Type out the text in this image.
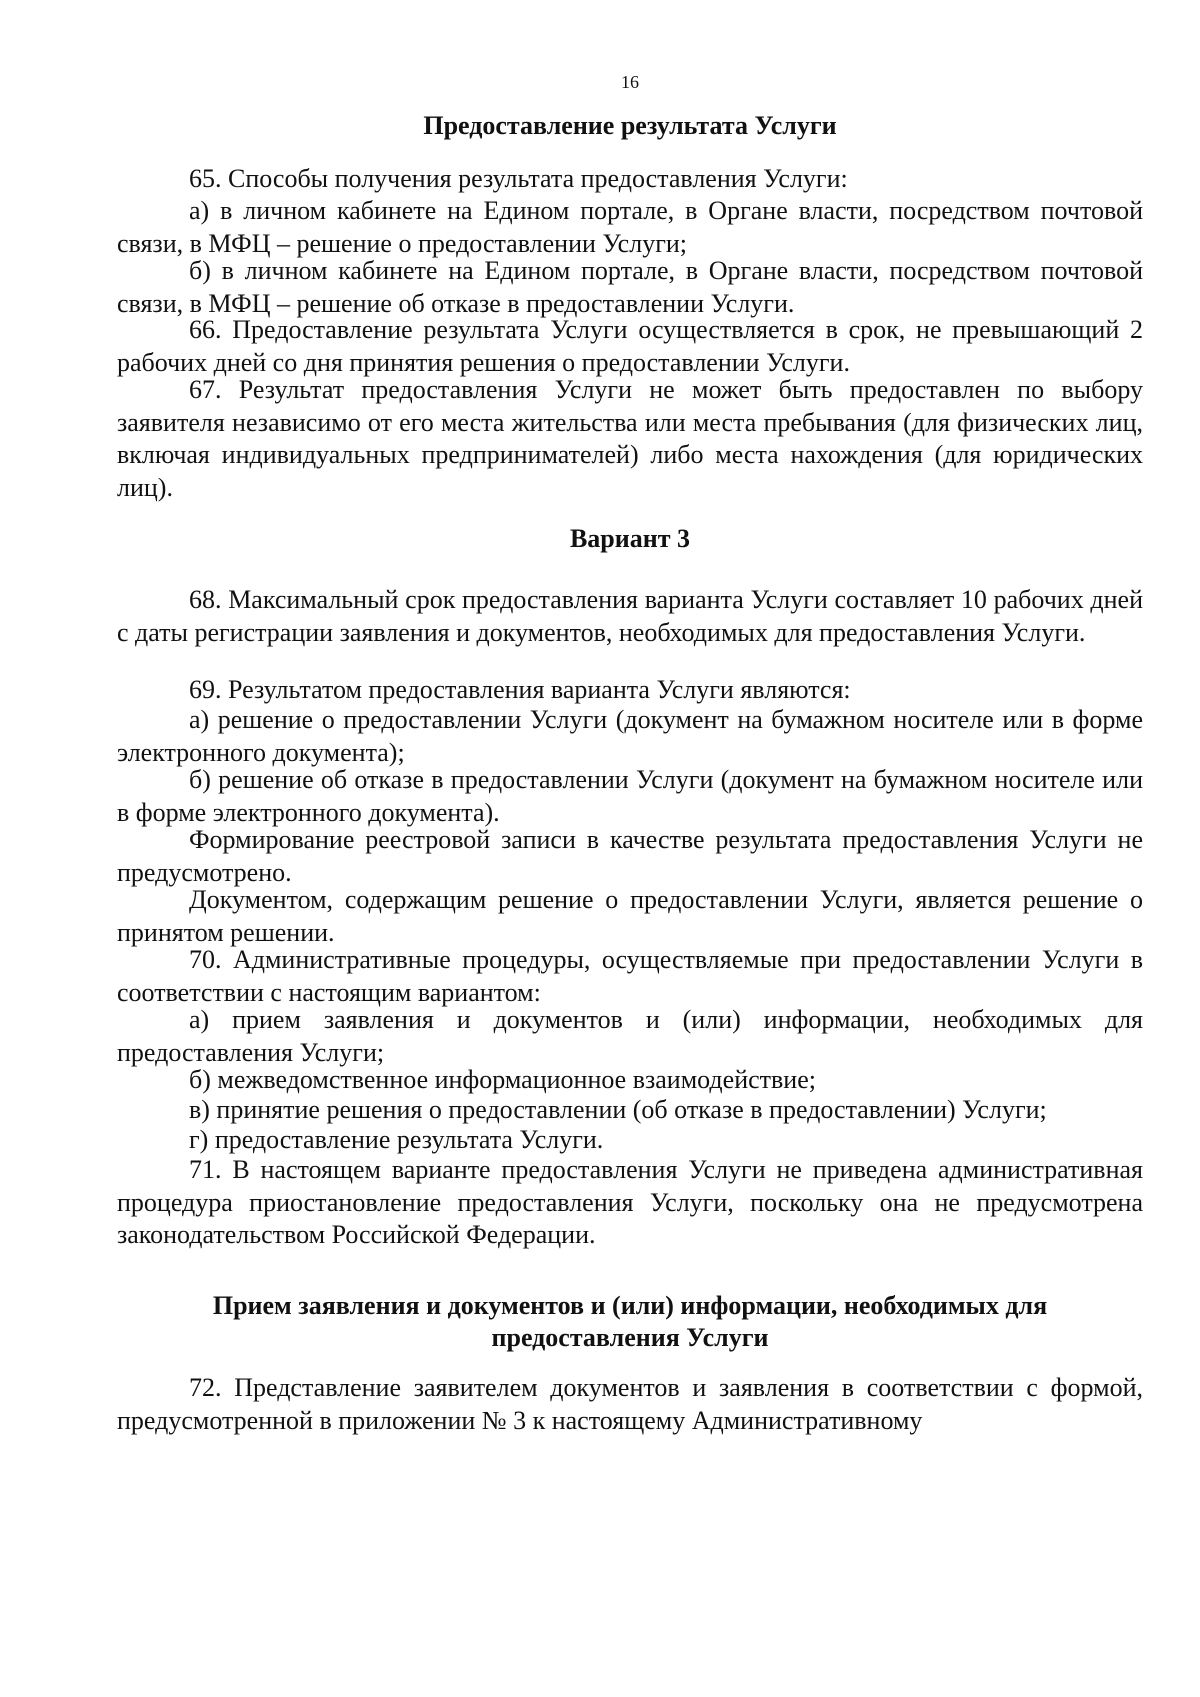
16
Предоставление результата Услуги
65. Способы получения результата предоставления Услуги:
а) в личном кабинете на Едином портале, в Органе власти, посредством почтовой связи, в МФЦ – решение о предоставлении Услуги;
б) в личном кабинете на Едином портале, в Органе власти, посредством почтовой связи, в МФЦ – решение об отказе в предоставлении Услуги.
66. Предоставление результата Услуги осуществляется в срок, не превышающий 2 рабочих дней со дня принятия решения о предоставлении Услуги.
67. Результат предоставления Услуги не может быть предоставлен по выбору заявителя независимо от его места жительства или места пребывания (для физических лиц, включая индивидуальных предпринимателей) либо места нахождения (для юридических лиц).
Вариант 3
68. Максимальный срок предоставления варианта Услуги составляет 10 рабочих дней с даты регистрации заявления и документов, необходимых для предоставления Услуги.
69. Результатом предоставления варианта Услуги являются:
а) решение о предоставлении Услуги (документ на бумажном носителе или в форме электронного документа);
б) решение об отказе в предоставлении Услуги (документ на бумажном носителе или в форме электронного документа).
Формирование реестровой записи в качестве результата предоставления Услуги не предусмотрено.
Документом, содержащим решение о предоставлении Услуги, является решение о принятом решении.
70. Административные процедуры, осуществляемые при предоставлении Услуги в соответствии с настоящим вариантом:
а) прием заявления и документов и (или) информации, необходимых для предоставления Услуги;
б) межведомственное информационное взаимодействие;
в) принятие решения о предоставлении (об отказе в предоставлении) Услуги;
г) предоставление результата Услуги.
71. В настоящем варианте предоставления Услуги не приведена административная процедура приостановление предоставления Услуги, поскольку она не предусмотрена законодательством Российской Федерации.
Прием заявления и документов и (или) информации, необходимых для предоставления Услуги
72. Представление заявителем документов и заявления в соответствии с формой, предусмотренной в приложении № 3 к настоящему Административному
